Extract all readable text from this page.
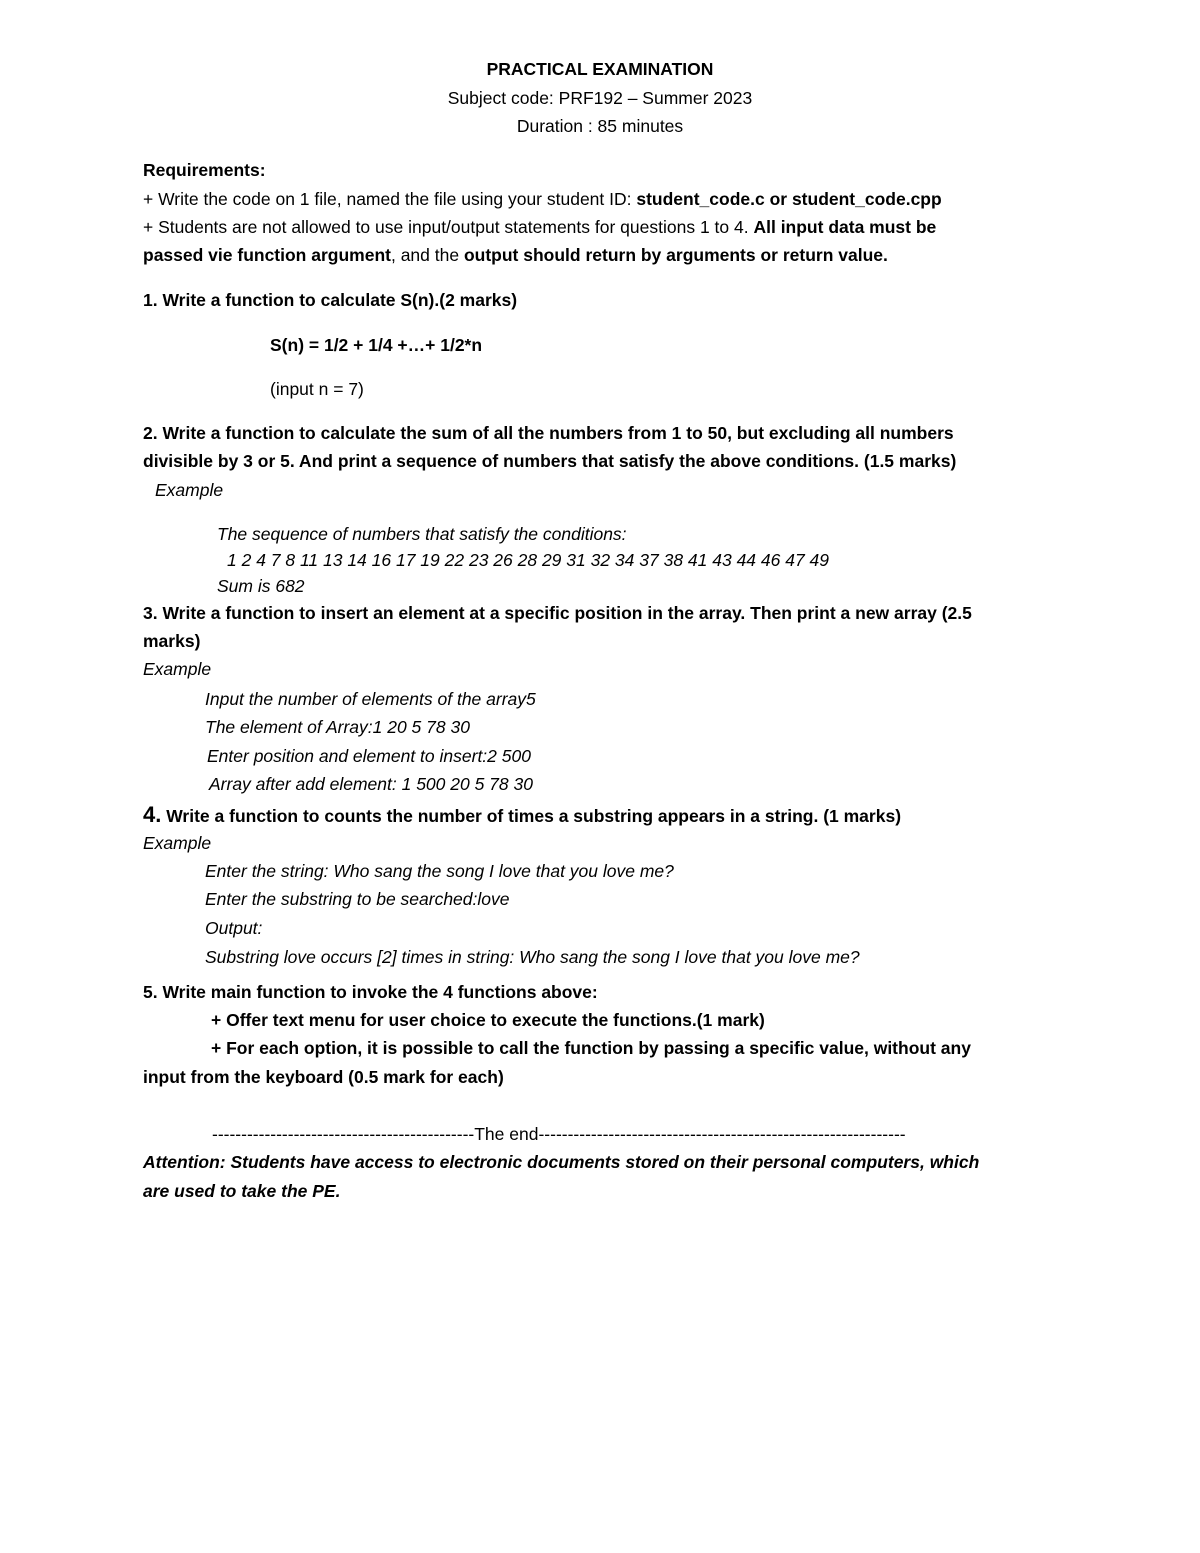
PRACTICAL EXAMINATION
Subject code: PRF192 – Summer 2023
Duration : 85 minutes
Requirements:
+ Write the code on 1 file, named the file using your student ID: student_code.c or student_code.cpp
+ Students are not allowed to use input/output statements for questions 1 to 4. All input data must be
passed vie function argument, and the output should return by arguments or return value.
1. Write a function to calculate S(n).(2 marks)
S(n) = 1/2 + 1/4 +…+ 1/2*n
(input n = 7)
2. Write a function to calculate the sum of all the numbers from 1 to 50, but excluding all numbers
divisible by 3 or 5. And print a sequence of numbers that satisfy the above conditions. (1.5 marks)
Example
The sequence of numbers that satisfy the conditions:
1 2 4 7 8 11 13 14 16 17 19 22 23 26 28 29 31 32 34 37 38 41 43 44 46 47 49
Sum is 682
3. Write a function to insert an element at a specific position in the array. Then print a new array (2.5
marks)
Example
Input the number of elements of the array5
The element of Array:1 20 5 78 30
Enter position and element to insert:2 500
Array after add element: 1 500 20 5 78 30
4. Write a function to counts the number of times a substring appears in a string. (1 marks)
Example
Enter the string: Who sang the song I love that you love me?
Enter the substring to be searched:love
Output:
Substring love occurs [2] times in string: Who sang the song I love that you love me?
5. Write main function to invoke the 4 functions above:
+ Offer text menu for user choice to execute the functions.(1 mark)
+ For each option, it is possible to call the function by passing a specific value, without any
input from the keyboard (0.5 mark for each)
---------------------------------------------The end---------------------------------------------------------------
Attention: Students have access to electronic documents stored on their personal computers, which
are used to take the PE.
